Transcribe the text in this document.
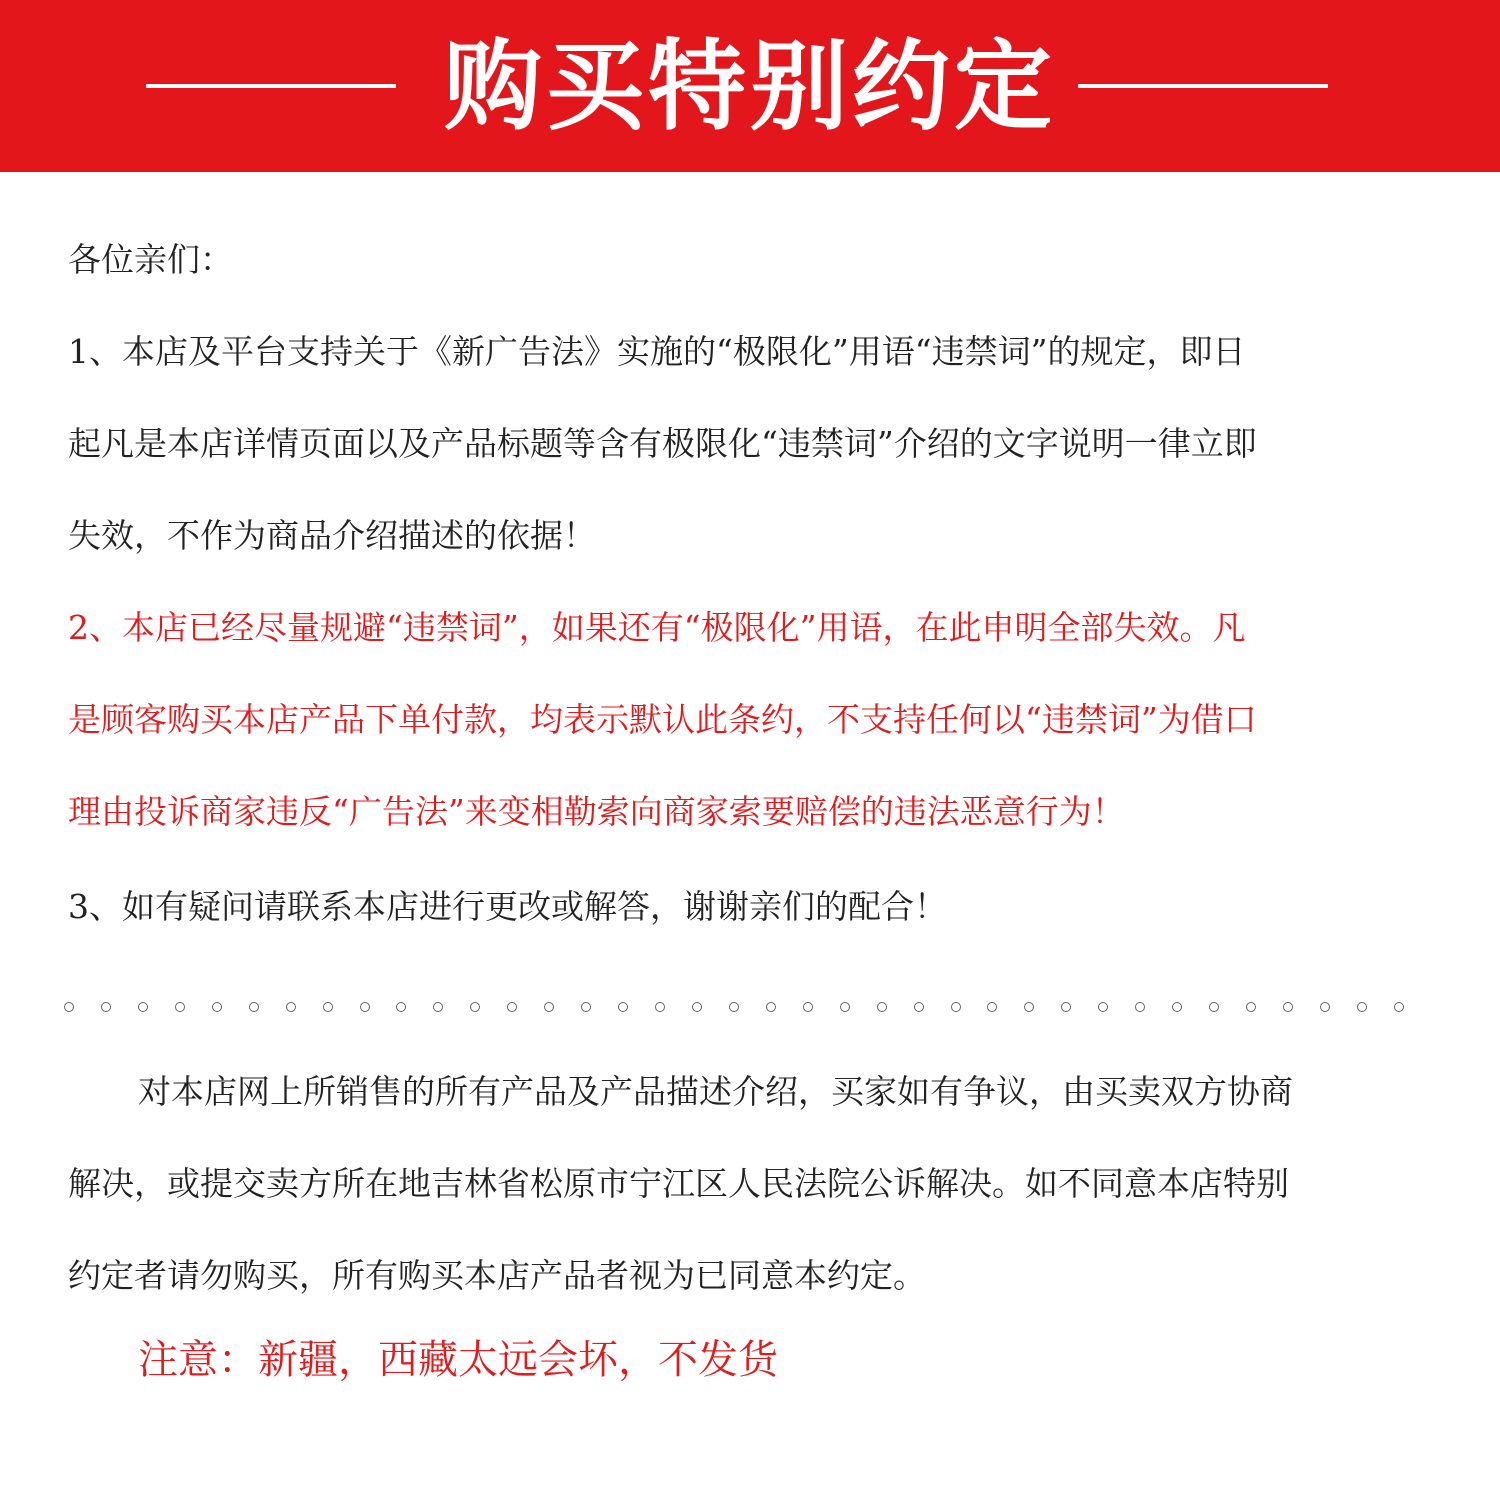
购买特别约定
各位亲们：
1、本店及平台支持关于《新广告法》实施的“极限化”用语“违禁词”的规定，即日
起凡是本店详情页面以及产品标题等含有极限化“违禁词”介绍的文字说明一律立即
失效，不作为商品介绍描述的依据！
2、本店已经尽量规避“违禁词”，如果还有“极限化”用语，在此申明全部失效。凡
是顾客购买本店产品下单付款，均表示默认此条约，不支持任何以“违禁词”为借口
理由投诉商家违反“广告法”来变相勒索向商家索要赔偿的违法恶意行为！
3、如有疑问请联系本店进行更改或解答，谢谢亲们的配合！
对本店网上所销售的所有产品及产品描述介绍，买家如有争议，由买卖双方协商
解决，或提交卖方所在地吉林省松原市宁江区人民法院公诉解决。如不同意本店特别
约定者请勿购买，所有购买本店产品者视为已同意本约定。
注意：新疆，西藏太远会坏，不发货
